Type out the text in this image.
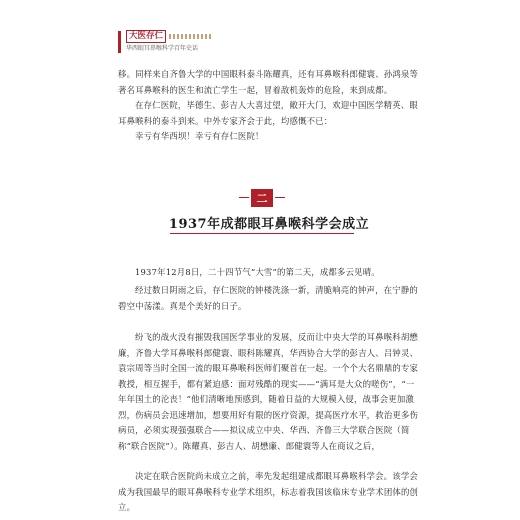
大医存仁
华西眼耳鼻喉科学百年史话

移。同样来自齐鲁大学的中国眼科泰斗陈耀真，还有耳鼻喉科郎健寰、孙鸿泉等著名耳鼻喉科的医生和流亡学生一起，冒着敌机轰炸的危险，来到成都。

在存仁医院，毕德生、彭吉人大喜过望，敞开大门，欢迎中国医学精英、眼耳鼻喉科的泰斗到来。中外专家齐会于此，均感慨不已：

幸亏有华西坝！幸亏有存仁医院！

二
1937年成都眼耳鼻喉科学会成立

1937年12月8日，二十四节气“大雪”的第二天，成都多云见晴。

经过数日阴雨之后，存仁医院的钟楼洗涤一新，清脆响亮的钟声，在宁静的碧空中荡漾。真是个美好的日子。

纷飞的战火没有摧毁我国医学事业的发展，反而让中央大学的耳鼻喉科胡懋廉，齐鲁大学耳鼻喉科郎健寰、眼科陈耀真，华西协合大学的彭吉人、吕钟灵、袁宗周等当时全国一流的眼耳鼻喉科医师们聚首在一起。一个个大名鼎鼎的专家教授，相互握手，都有紧迫感：面对残酷的现实——“满耳是大众的嗟伤”，“一年年国土的沦丧！”他们清晰地预感到，随着日益的大规模入侵，战事会更加激烈，伤病员会迅速增加，想要用好有限的医疗资源，提高医疗水平，救治更多伤病员，必须实现强强联合——拟议成立中央、华西、齐鲁三大学联合医院（简称“联合医院”）。陈耀真、彭吉人、胡懋廉、郎健寰等人在商议之后，

决定在联合医院尚未成立之前，率先发起组建成都眼耳鼻喉科学会。该学会成为我国最早的眼耳鼻喉科专业学术组织，标志着我国该临床专业学术团体的创立。
